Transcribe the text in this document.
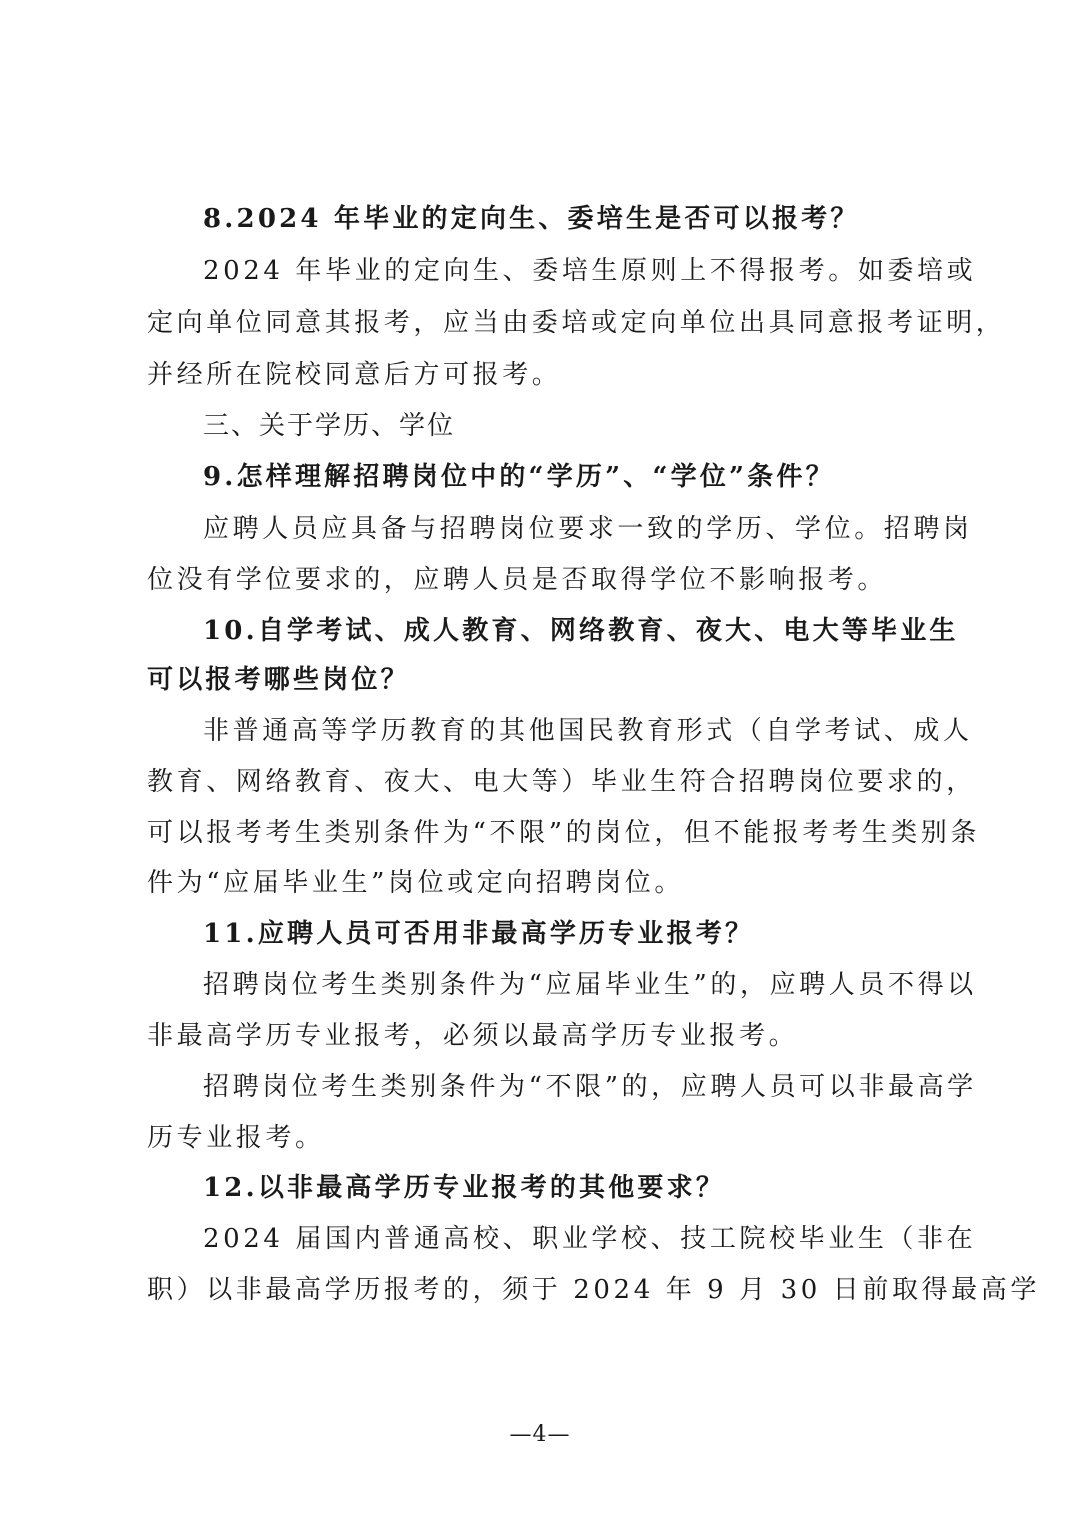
8.2024 年毕业的定向生、委培生是否可以报考？
2024 年毕业的定向生、委培生原则上不得报考。如委培或
定向单位同意其报考，应当由委培或定向单位出具同意报考证明，
并经所在院校同意后方可报考。
三、关于学历、学位
9.怎样理解招聘岗位中的“学历”、“学位”条件？
应聘人员应具备与招聘岗位要求一致的学历、学位。招聘岗
位没有学位要求的，应聘人员是否取得学位不影响报考。
10.自学考试、成人教育、网络教育、夜大、电大等毕业生
可以报考哪些岗位？
非普通高等学历教育的其他国民教育形式（自学考试、成人
教育、网络教育、夜大、电大等）毕业生符合招聘岗位要求的，
可以报考考生类别条件为“不限”的岗位，但不能报考考生类别条
件为“应届毕业生”岗位或定向招聘岗位。
11.应聘人员可否用非最高学历专业报考？
招聘岗位考生类别条件为“应届毕业生”的，应聘人员不得以
非最高学历专业报考，必须以最高学历专业报考。
招聘岗位考生类别条件为“不限”的，应聘人员可以非最高学
历专业报考。
12.以非最高学历专业报考的其他要求？
2024 届国内普通高校、职业学校、技工院校毕业生（非在
职）以非最高学历报考的，须于 2024 年 9 月 30 日前取得最高学
—4—
